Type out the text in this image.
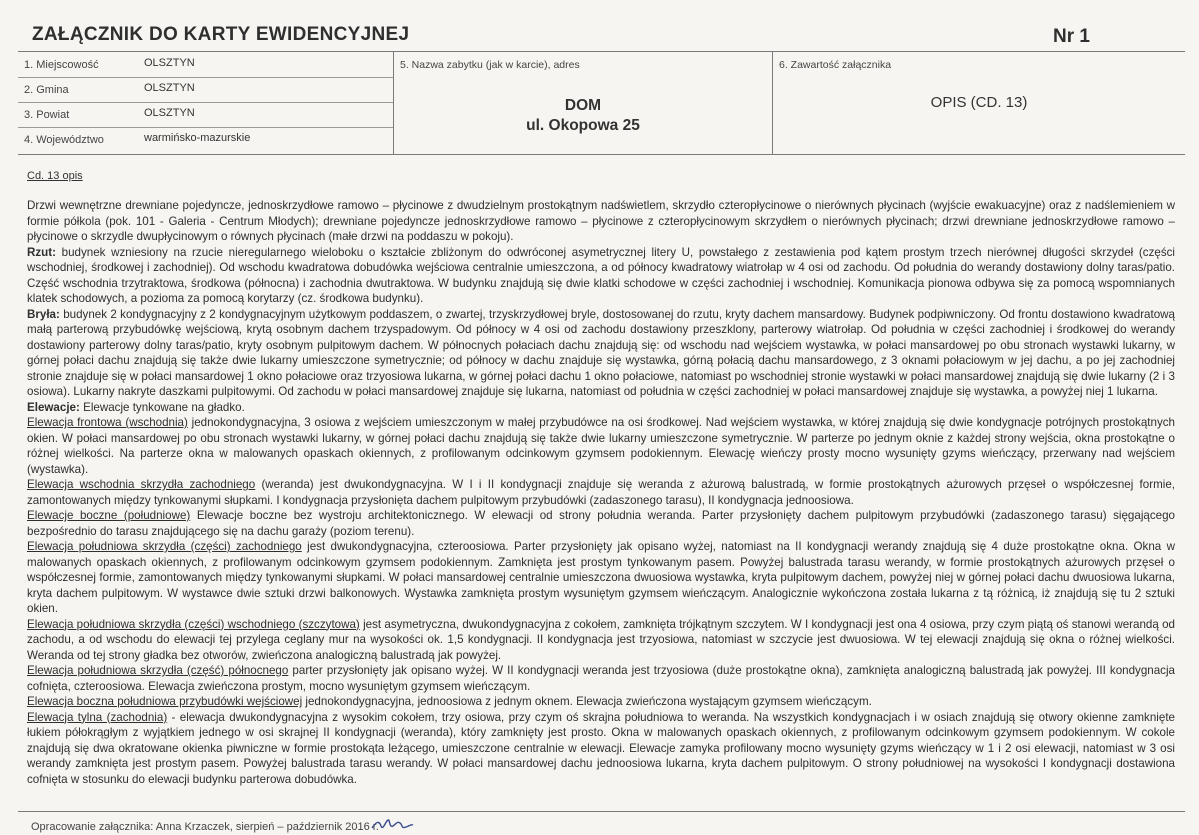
ZAŁĄCZNIK DO KARTY EWIDENCYJNEJ	Nr 1
1. Miejscowość	OLSZTYN
2. Gmina	OLSZTYN
3. Powiat	OLSZTYN
4. Województwo	warmińsko-mazurskie
5. Nazwa zabytku (jak w karcie), adres
DOM
ul. Okopowa 25
6. Zawartość załącznika
OPIS (CD. 13)
Cd. 13 opis

Drzwi wewnętrzne drewniane pojedyncze, jednoskrzydłowe ramowo – płycinowe z dwudzielnym prostokątnym nadświetlem, skrzydło czteropłycinowe o nierównych płycinach (wyjście ewakuacyjne) oraz z nadślemieniem w formie półkola (pok. 101 - Galeria - Centrum Młodych); drewniane pojedyncze jednoskrzydłowe ramowo – płycinowe z czteropłycinowym skrzydłem o nierównych płycinach; drzwi drewniane jednoskrzydłowe ramowo – płycinowe o skrzydle dwupłycinowym o równych płycinach (małe drzwi na poddaszu w pokoju).

Rzut: budynek wzniesiony na rzucie nieregularnego wieloboku o kształcie zbliżonym do odwróconej asymetrycznej litery U, powstałego z zestawienia pod kątem prostym trzech nierównej długości skrzydeł (części wschodniej, środkowej i zachodniej). Od wschodu kwadratowa dobudówka wejściowa centralnie umieszczona, a od północy kwadratowy wiatrołap w 4 osi od zachodu. Od południa do werandy dostawiony dolny taras/patio. Część wschodnia trzytraktowa, środkowa (północna) i zachodnia dwutraktowa. W budynku znajdują się dwie klatki schodowe w części zachodniej i wschodniej. Komunikacja pionowa odbywa się za pomocą wspomnianych klatek schodowych, a pozioma za pomocą korytarzy (cz. środkowa budynku).

Bryła: budynek 2 kondygnacyjny z 2 kondygnacyjnym użytkowym poddaszem, o zwartej, trzyskrzydłowej bryle, dostosowanej do rzutu, kryty dachem mansardowy. Budynek podpiwniczony. Od frontu dostawiono kwadratową małą parterową przybudówkę wejściową, krytą osobnym dachem trzyspadowym. Od północy w 4 osi od zachodu dostawiony przeszklony, parterowy wiatrołap. Od południa w części zachodniej i środkowej do werandy dostawiony parterowy dolny taras/patio, kryty osobnym pulpitowym dachem. W północnych połaciach dachu znajdują się: od wschodu nad wejściem wystawka, w połaci mansardowej po obu stronach wystawki lukarny, w górnej połaci dachu znajdują się także dwie lukarny umieszczone symetrycznie; od północy w dachu znajduje się wystawka, górną połacią dachu mansardowego, z 3 oknami połaciowym w jej dachu, a po jej zachodniej stronie znajduje się w połaci mansardowej 1 okno połaciowe oraz trzyosiowa lukarna, w górnej połaci dachu 1 okno połaciowe, natomiast po wschodniej stronie wystawki w połaci mansardowej znajdują się dwie lukarny (2 i 3 osiowa). Lukarny nakryte daszkami pulpitowymi. Od zachodu w połaci mansardowej znajduje się lukarna, natomiast od południa w części zachodniej w połaci mansardowej znajduje się wystawka, a powyżej niej 1 lukarna.

Elewacje: Elewacje tynkowane na gładko.

Elewacja frontowa (wschodnia) jednokondygnacyjna, 3 osiowa z wejściem umieszczonym w małej przybudówce na osi środkowej. Nad wejściem wystawka, w której znajdują się dwie kondygnacje potrójnych prostokątnych okien. W połaci mansardowej po obu stronach wystawki lukarny, w górnej połaci dachu znajdują się także dwie lukarny umieszczone symetrycznie. W parterze po jednym oknie z każdej strony wejścia, okna prostokątne o różnej wielkości. Na parterze okna w malowanych opaskach okiennych, z profilowanym odcinkowym gzymsem podokiennym. Elewację wieńczy prosty mocno wysunięty gzyms wieńczący, przerwany nad wejściem (wystawka).

Elewacja wschodnia skrzydła zachodniego (weranda) jest dwukondygnacyjna. W I i II kondygnacji znajduje się weranda z ażurową balustradą, w formie prostokątnych ażurowych przęseł o współczesnej formie, zamontowanych między tynkowanymi słupkami. I kondygnacja przysłonięta dachem pulpitowym przybudówki (zadaszonego tarasu), II kondygnacja jednoosiowa.

Elewacje boczne (południowe) Elewacje boczne bez wystroju architektonicznego. W elewacji od strony południa weranda. Parter przysłonięty dachem pulpitowym przybudówki (zadaszonego tarasu) sięgającego bezpośrednio do tarasu znajdującego się na dachu garaży (poziom terenu).

Elewacja południowa skrzydła (części) zachodniego jest dwukondygnacyjna, czteroosiowa. Parter przysłonięty jak opisano wyżej, natomiast na II kondygnacji werandy znajdują się 4 duże prostokątne okna. Okna w malowanych opaskach okiennych, z profilowanym odcinkowym gzymsem podokiennym. Zamknięta jest prostym tynkowanym pasem. Powyżej balustrada tarasu werandy, w formie prostokątnych ażurowych przęseł o współczesnej formie, zamontowanych między tynkowanymi słupkami. W połaci mansardowej centralnie umieszczona dwuosiowa wystawka, kryta pulpitowym dachem, powyżej niej w górnej połaci dachu dwuosiowa lukarna, kryta dachem pulpitowym. W wystawce dwie sztuki drzwi balkonowych. Wystawka zamknięta prostym wysuniętym gzymsem wieńczącym. Analogicznie wykończona została lukarna z tą różnicą, iż znajdują się tu 2 sztuki okien.

Elewacja południowa skrzydła (części) wschodniego (szczytowa) jest asymetryczna, dwukondygnacyjna z cokołem, zamknięta trójkątnym szczytem. W I kondygnacji jest ona 4 osiowa, przy czym piątą oś stanowi werandą od zachodu, a od wschodu do elewacji tej przylega ceglany mur na wysokości ok. 1,5 kondygnacji. II kondygnacja jest trzyosiowa, natomiast w szczycie jest dwuosiowa. W tej elewacji znajdują się okna o różnej wielkości. Weranda od tej strony gładka bez otworów, zwieńczona analogiczną balustradą jak powyżej.

Elewacja południowa skrzydła (część) północnego parter przysłonięty jak opisano wyżej. W II kondygnacji weranda jest trzyosiowa (duże prostokątne okna), zamknięta analogiczną balustradą jak powyżej. III kondygnacja cofnięta, czteroosiowa. Elewacja zwieńczona prostym, mocno wysuniętym gzymsem wieńczącym.

Elewacja boczna południowa przybudówki wejściowej jednokondygnacyjna, jednoosiowa z jednym oknem. Elewacja zwieńczona wystającym gzymsem wieńczącym.

Elewacja tylna (zachodnia) - elewacja dwukondygnacyjna z wysokim cokołem, trzy osiowa, przy czym oś skrajna południowa to weranda. Na wszystkich kondygnacjach i w osiach znajdują się otwory okienne zamknięte łukiem półokrągłym z wyjątkiem jednego w osi skrajnej II kondygnacji (weranda), który zamknięty jest prosto. Okna w malowanych opaskach okiennych, z profilowanym odcinkowym gzymsem podokiennym. W cokole znajdują się dwa okratowane okienka piwniczne w formie prostokąta leżącego, umieszczone centralnie w elewacji. Elewacje zamyka profilowany mocno wysunięty gzyms wieńczący w 1 i 2 osi elewacji, natomiast w 3 osi werandy zamknięta jest prostym pasem. Powyżej balustrada tarasu werandy. W połaci mansardowej dachu jednoosiowa lukarna, kryta dachem pulpitowym. O strony południowej na wysokości I kondygnacji dostawiona cofnięta w stosunku do elewacji budynku parterowa dobudówka.

Opracowanie załącznika: Anna Krzaczek, sierpień – październik 2016 r.
